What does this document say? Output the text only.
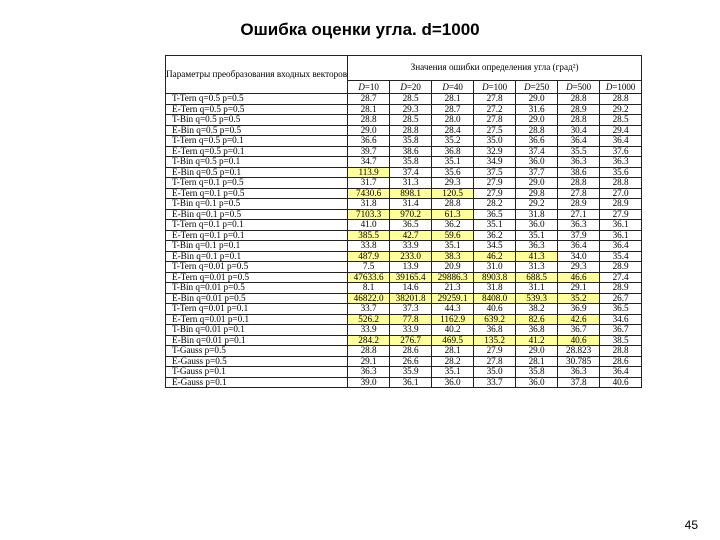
Ошибка оценки угла. d=1000
Параметры преобразования входных векторов	Значения ошибки определения угла (град²)						
	D=10	D=20	D=40	D=100	D=250	D=500	D=1000
T-Tern q=0.5 p=0.5	28.7	28.5	28.1	27.8	29.0	28.8	28.8
E-Tern q=0.5 p=0.5	28.1	29.3	28.7	27.2	31.6	28.9	29.2
T-Bin q=0.5 p=0.5	28.8	28.5	28.0	27.8	29.0	28.8	28.5
E-Bin q=0.5 p=0.5	29.0	28.8	28.4	27.5	28.8	30.4	29.4
T-Tern q=0.5 p=0.1	36.6	35.8	35.2	35.0	36.6	36.4	36.4
E-Tern q=0.5 p=0.1	39.7	38.6	36.8	32.9	37.4	35.5	37.6
T-Bin q=0.5 p=0.1	34.7	35.8	35.1	34.9	36.0	36.3	36.3
E-Bin q=0.5 p=0.1	113.9	37.4	35.6	37.5	37.7	38.6	35.6
T-Tern q=0.1 p=0.5	31.7	31.3	29.3	27.9	29.0	28.8	28.8
E-Tern q=0.1 p=0.5	7430.6	898.1	120.5	27.9	29.8	27.8	27.0
T-Bin q=0.1 p=0.5	31.8	31.4	28.8	28.2	29.2	28.9	28.9
E-Bin q=0.1 p=0.5	7103.3	970.2	61.3	36.5	31.8	27.1	27.9
T-Tern q=0.1 p=0.1	41.0	36.5	36.2	35.1	36.0	36.3	36.1
E-Tern q=0.1 p=0.1	385.5	42.7	59.6	36.2	35.1	37.9	36.1
T-Bin q=0.1 p=0.1	33.8	33.9	35.1	34.5	36.3	36.4	36.4
E-Bin q=0.1 p=0.1	487.9	233.0	38.3	46.2	41.3	34.0	35.4
T-Tern q=0.01 p=0.5	7.5	13.9	20.9	31.0	31.3	29.3	28.9
E-Tern q=0.01 p=0.5	47633.6	39165.4	29886.3	8903.8	688.5	46.6	27.4
T-Bin q=0.01 p=0.5	8.1	14.6	21.3	31.8	31.1	29.1	28.9
E-Bin q=0.01 p=0.5	46822.0	38201.8	29259.1	8408.0	539.3	35.2	26.7
T-Tern q=0.01 p=0.1	33.7	37.3	44.3	40.6	38.2	36.9	36.5
E-Tern q=0.01 p=0.1	526.2	77.8	1162.9	639.2	82.6	42.6	34.6
T-Bin q=0.01 p=0.1	33.9	33.9	40.2	36.8	36.8	36.7	36.7
E-Bin q=0.01 p=0.1	284.2	276.7	469.5	135.2	41.2	40.6	38.5
T-Gauss p=0.5	28.8	28.6	28.1	27.9	29.0	28.823	28.8
E-Gauss p=0.5	29.1	26.6	28.2	27.8	28.1	30.785	28.6
T-Gauss p=0.1	36.3	35.9	35.1	35.0	35.8	36.3	36.4
E-Gauss p=0.1	39.0	36.1	36.0	33.7	36.0	37.8	40.6
45
